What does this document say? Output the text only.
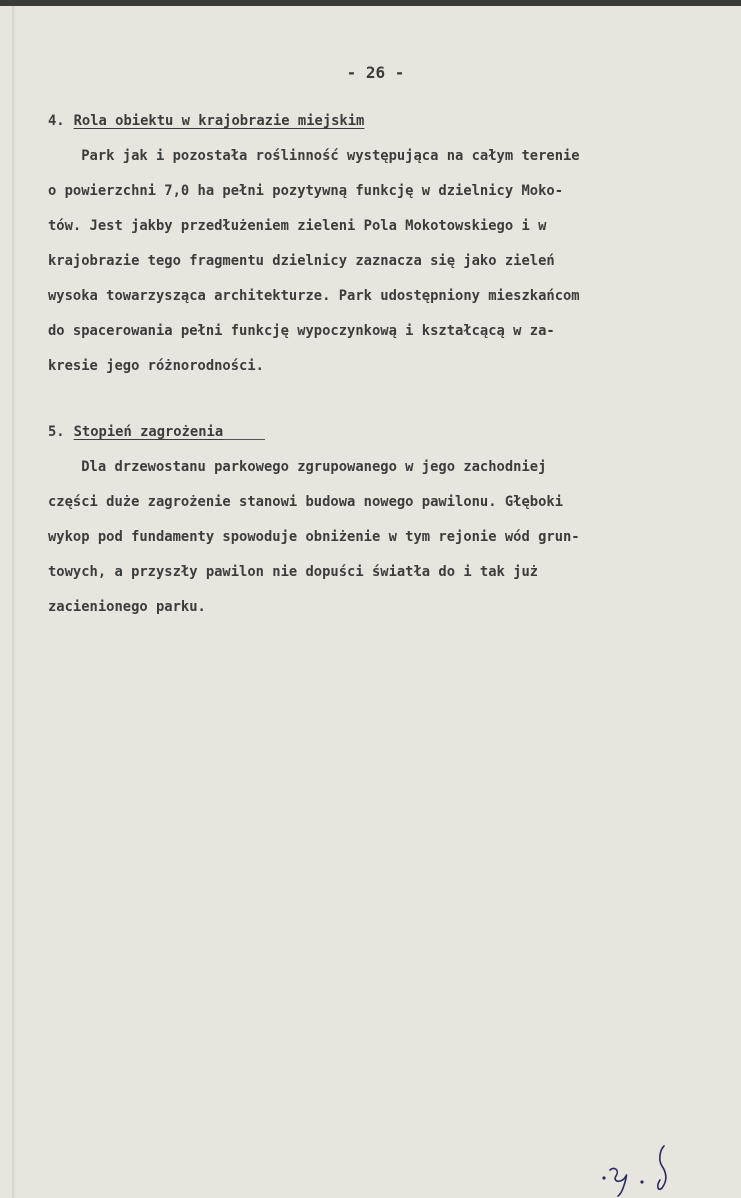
- 26 -
4. Rola obiektu w krajobrazie miejskim
Park jak i pozostała roślinność występująca na całym terenie
o powierzchni 7,0 ha pełni pozytywną funkcję w dzielnicy Moko-
tów. Jest jakby przedłużeniem zieleni Pola Mokotowskiego i w
krajobrazie tego fragmentu dzielnicy zaznacza się jako zieleń
wysoka towarzysząca architekturze. Park udostępniony mieszkańcom
do spacerowania pełni funkcję wypoczynkową i kształcącą w za-
kresie jego różnorodności.
5. Stopień zagrożenia
Dla drzewostanu parkowego zgrupowanego w jego zachodniej
części duże zagrożenie stanowi budowa nowego pawilonu. Głęboki
wykop pod fundamenty spowoduje obniżenie w tym rejonie wód grun-
towych, a przyszły pawilon nie dopuści światła do i tak już
zacienionego parku.
